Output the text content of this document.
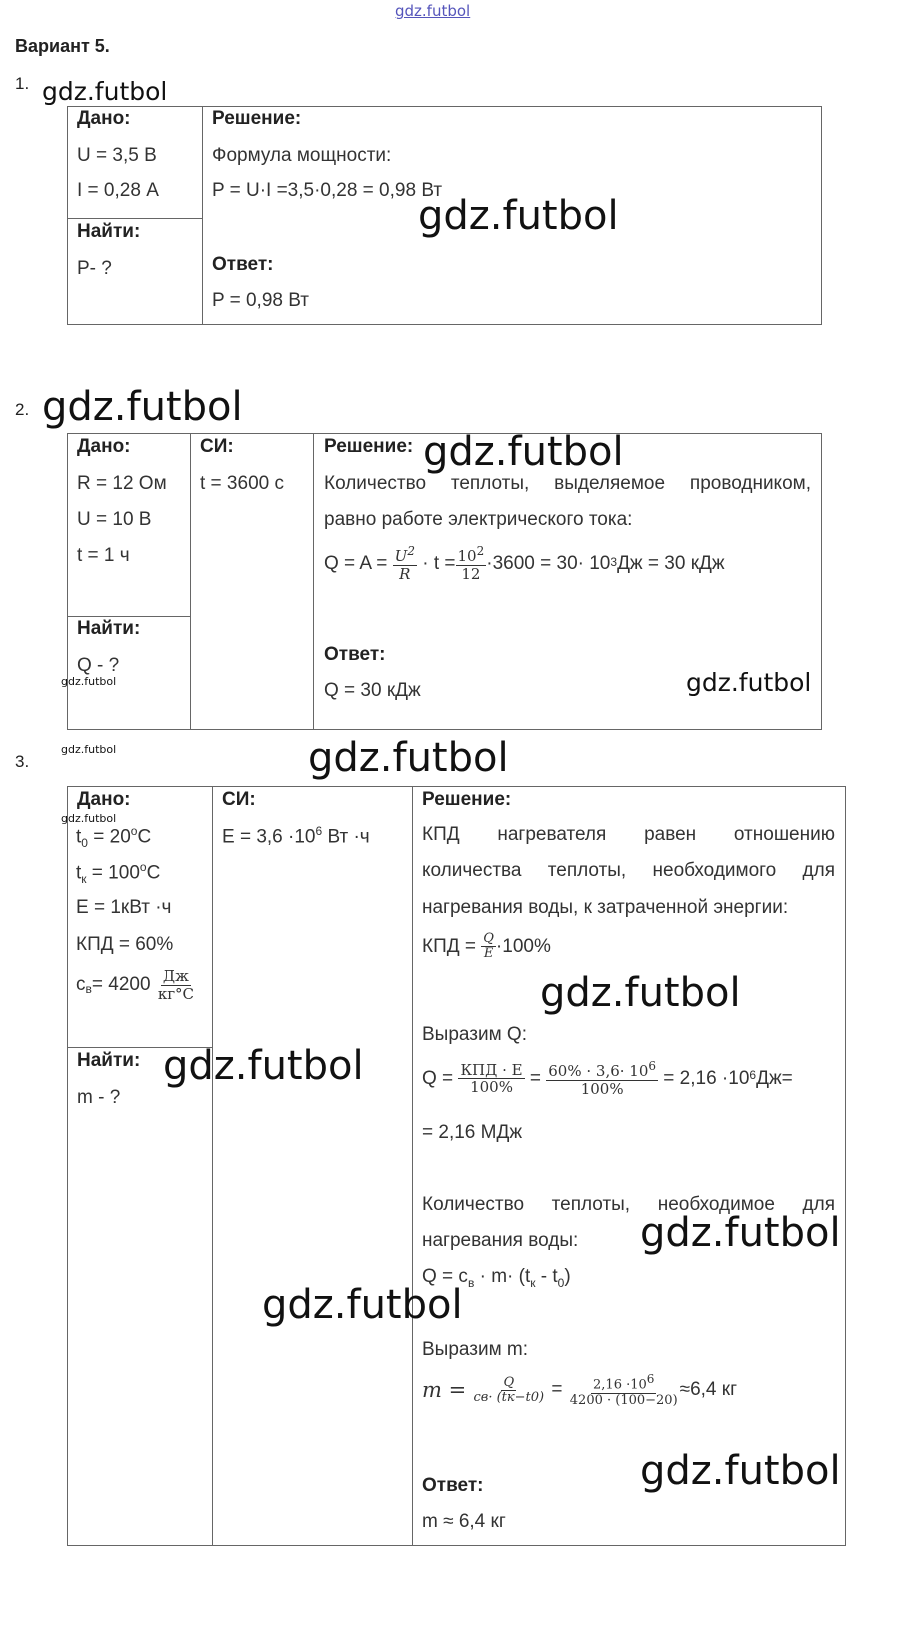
gdz.futbol
Вариант 5.
1. gdz.futbol
Дано:
U = 3,5 В
I = 0,28 А
Найти:
P- ?
Решение:
Формула мощности:
P = U·I =3,5·0,28 = 0,98 Вт
gdz.futbol
Ответ:
P = 0,98 Вт
2. gdz.futbol
Дано:
R = 12 Ом
U = 10 В
t = 1 ч
Найти:
Q - ?
gdz.futbol
СИ:
t = 3600 с
Решение: gdz.futbol
Количество теплоты, выделяемое проводником,
равно работе электрического тока:
Q = A =
$\frac{U^2}{R}$
· $t = \frac{10^2}{12} \cdot 3600 = 30\cdot 10$ 3 Дж = 30 кДж
Ответ:
Q = 30 кДж	gdz.futbol
3.
gdz.futbol	gdz.futbol
Дано:
gdz.futbol
$t_0 = 20^oC$
$t_к = 100^oC$
E = 1кВт ·ч
КПД = 60%
$c_в = 4200$
$\frac{Дж}{кг^\circ C}$
Найти:
m - ?
gdz.futbol
СИ:
$E = 3,6 \cdot 10^6$ Вт ·ч
Решение:
КПД нагревателя равен отношению
количества теплоты, необходимого для
нагревания воды, к затраченной энергии:
КПД =
$\frac{Q}{E} \cdot 100\%$
gdz.futbol
Выразим Q:
Q =
$\frac{\text{КПД · E}}{100\%}$
=
$\frac{60\% \cdot 3,6\cdot 10^6}{100\%}$
= 2,16 ·10 6 Дж=
= 2,16 МДж
Количество теплоты, необходимое для
нагревания воды: gdz.futbol
$Q = c_в \cdot m\cdot (t_к - t_0)$
gdz.futbol
Выразим m:
m =
$\frac{Q}{cв\cdot (tк-t0)}$
=
$\frac{2,16 \cdot 10^6}{4200 \cdot (100-20)} \approx 6,4$ кг
Ответ:
m ≈ 6,4 кг
gdz.futbol
